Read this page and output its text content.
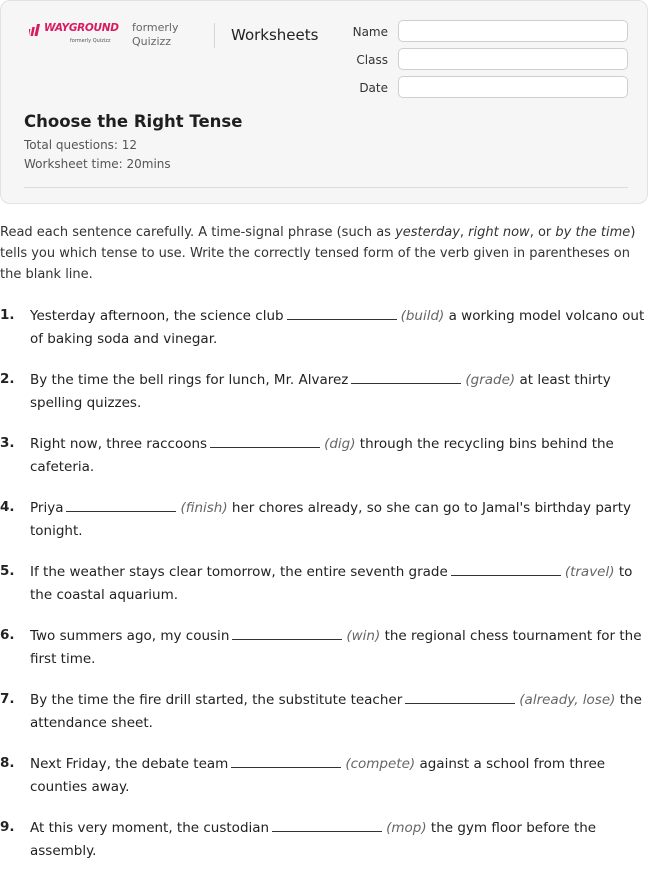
WAYGROUND
formerly Quizizz
formerly
Quizizz	Worksheets	Name
Class
Date
Choose the Right Tense
Total questions: 12
Worksheet time: 20mins

Read each sentence carefully. A time-signal phrase (such as yesterday, right now, or by the time) tells you which tense to use. Write the correctly tensed form of the verb given in parentheses on the blank line.

1. Yesterday afternoon, the science club	(build) a working model volcano out of baking soda and vinegar.
2. By the time the bell rings for lunch, Mr. Alvarez	(grade) at least thirty spelling quizzes.
3. Right now, three raccoons	(dig) through the recycling bins behind the cafeteria.
4. Priya	(finish) her chores already, so she can go to Jamal's birthday party tonight.
5. If the weather stays clear tomorrow, the entire seventh grade	(travel) to the coastal aquarium.
6. Two summers ago, my cousin	(win) the regional chess tournament for the first time.
7. By the time the fire drill started, the substitute teacher	(already, lose) the attendance sheet.
8. Next Friday, the debate team	(compete) against a school from three counties away.
9. At this very moment, the custodian	(mop) the gym floor before the assembly.
